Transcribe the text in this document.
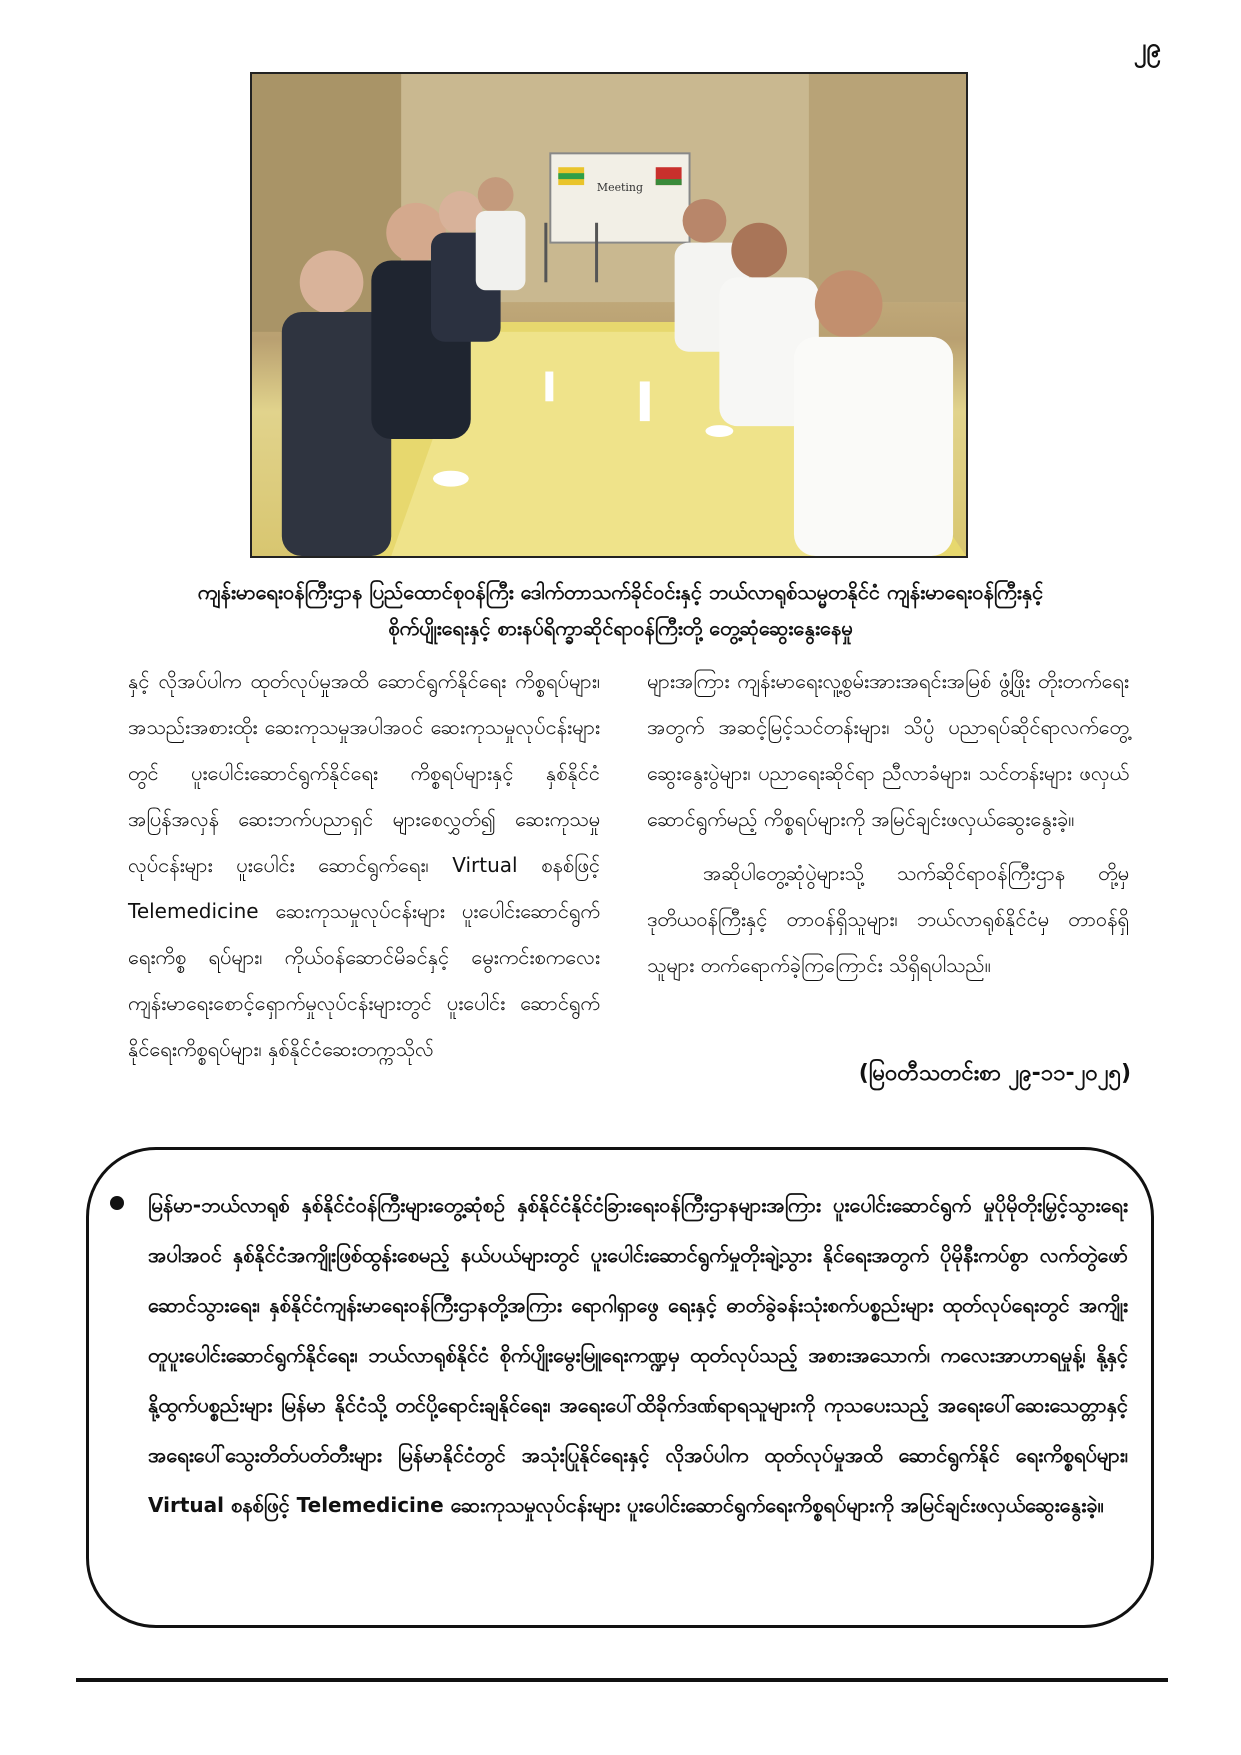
၂၉
Meeting
ကျန်းမာရေးဝန်ကြီးဌာန ပြည်ထောင်စုဝန်ကြီး ဒေါက်တာသက်ခိုင်ဝင်းနှင့် ဘယ်လာရုစ်သမ္မတနိုင်ငံ ကျန်းမာရေးဝန်ကြီးနှင့်
စိုက်ပျိုးရေးနှင့် စားနပ်ရိက္ခာဆိုင်ရာဝန်ကြီးတို့ တွေ့ဆုံဆွေးနွေးနေမှု

နှင့် လိုအပ်ပါက ထုတ်လုပ်မှုအထိ ဆောင်ရွက်နိုင်ရေး ကိစ္စရပ်များ၊ အသည်းအစားထိုး ဆေးကုသမှုအပါအဝင် ဆေးကုသမှုလုပ်ငန်းများတွင် ပူးပေါင်းဆောင်ရွက်နိုင်ရေး ကိစ္စရပ်များနှင့် နှစ်နိုင်ငံအပြန်အလှန် ဆေးဘက်ပညာရှင် များစေလွှတ်၍ ဆေးကုသမှုလုပ်ငန်းများ ပူးပေါင်း ဆောင်ရွက်ရေး၊ Virtual စနစ်ဖြင့် Telemedicine ဆေးကုသမှုလုပ်ငန်းများ ပူးပေါင်းဆောင်ရွက်ရေးကိစ္စ ရပ်များ၊ ကိုယ်ဝန်ဆောင်မိခင်နှင့် မွေးကင်းစကလေး ကျန်းမာရေးစောင့်ရှောက်မှုလုပ်ငန်းများတွင် ပူးပေါင်း ဆောင်ရွက်နိုင်ရေးကိစ္စရပ်များ၊ နှစ်နိုင်ငံဆေးတက္ကသိုလ်

များအကြား ကျန်းမာရေးလူ့စွမ်းအားအရင်းအမြစ် ဖွံ့ဖြိုး တိုးတက်ရေးအတွက် အဆင့်မြင့်သင်တန်းများ၊ သိပ္ပံ ပညာရပ်ဆိုင်ရာလက်တွေ့ဆွေးနွေးပွဲများ၊ ပညာရေးဆိုင်ရာ ညီလာခံများ၊ သင်တန်းများ ဖလှယ်ဆောင်ရွက်မည့် ကိစ္စရပ်များကို အမြင်ချင်းဖလှယ်ဆွေးနွေးခဲ့။

အဆိုပါတွေ့ဆုံပွဲများသို့ သက်ဆိုင်ရာဝန်ကြီးဌာန တို့မှ ဒုတိယဝန်ကြီးနှင့် တာဝန်ရှိသူများ၊ ဘယ်လာရုစ်နိုင်ငံမှ တာဝန်ရှိသူများ တက်ရောက်ခဲ့ကြကြောင်း သိရှိရပါသည်။

(မြဝတီသတင်းစာ ၂၉-၁၁-၂၀၂၅)
မြန်မာ-ဘယ်လာရုစ် နှစ်နိုင်ငံဝန်ကြီးများတွေ့ဆုံစဉ် နှစ်နိုင်ငံနိုင်ငံခြားရေးဝန်ကြီးဌာနများအကြား ပူးပေါင်းဆောင်ရွက် မှုပိုမိုတိုးမြှင့်သွားရေးအပါအဝင် နှစ်နိုင်ငံအကျိုးဖြစ်ထွန်းစေမည့် နယ်ပယ်များတွင် ပူးပေါင်းဆောင်ရွက်မှုတိုးချဲ့သွား နိုင်ရေးအတွက် ပိုမိုနီးကပ်စွာ လက်တွဲဖော်ဆောင်သွားရေး၊ နှစ်နိုင်ငံကျန်းမာရေးဝန်ကြီးဌာနတို့အကြား ရောဂါရှာဖွေ ရေးနှင့် ဓာတ်ခွဲခန်းသုံးစက်ပစ္စည်းများ ထုတ်လုပ်ရေးတွင် အကျိုးတူပူးပေါင်းဆောင်ရွက်နိုင်ရေး၊ ဘယ်လာရုစ်နိုင်ငံ စိုက်ပျိုးမွေးမြူရေးကဏ္ဍမှ ထုတ်လုပ်သည့် အစားအသောက်၊ ကလေးအာဟာရမှုန့်၊ နို့နှင့်နို့ထွက်ပစ္စည်းများ မြန်မာ နိုင်ငံသို့ တင်ပို့ရောင်းချနိုင်ရေး၊ အရေးပေါ်ထိခိုက်ဒဏ်ရာရသူများကို ကုသပေးသည့် အရေးပေါ်ဆေးသေတ္တာနှင့် အရေးပေါ်သွေးတိတ်ပတ်တီးများ မြန်မာနိုင်ငံတွင် အသုံးပြုနိုင်ရေးနှင့် လိုအပ်ပါက ထုတ်လုပ်မှုအထိ ဆောင်ရွက်နိုင် ရေးကိစ္စရပ်များ၊ Virtual စနစ်ဖြင့် Telemedicine ဆေးကုသမှုလုပ်ငန်းများ ပူးပေါင်းဆောင်ရွက်ရေးကိစ္စရပ်များကို အမြင်ချင်းဖလှယ်ဆွေးနွေးခဲ့။
